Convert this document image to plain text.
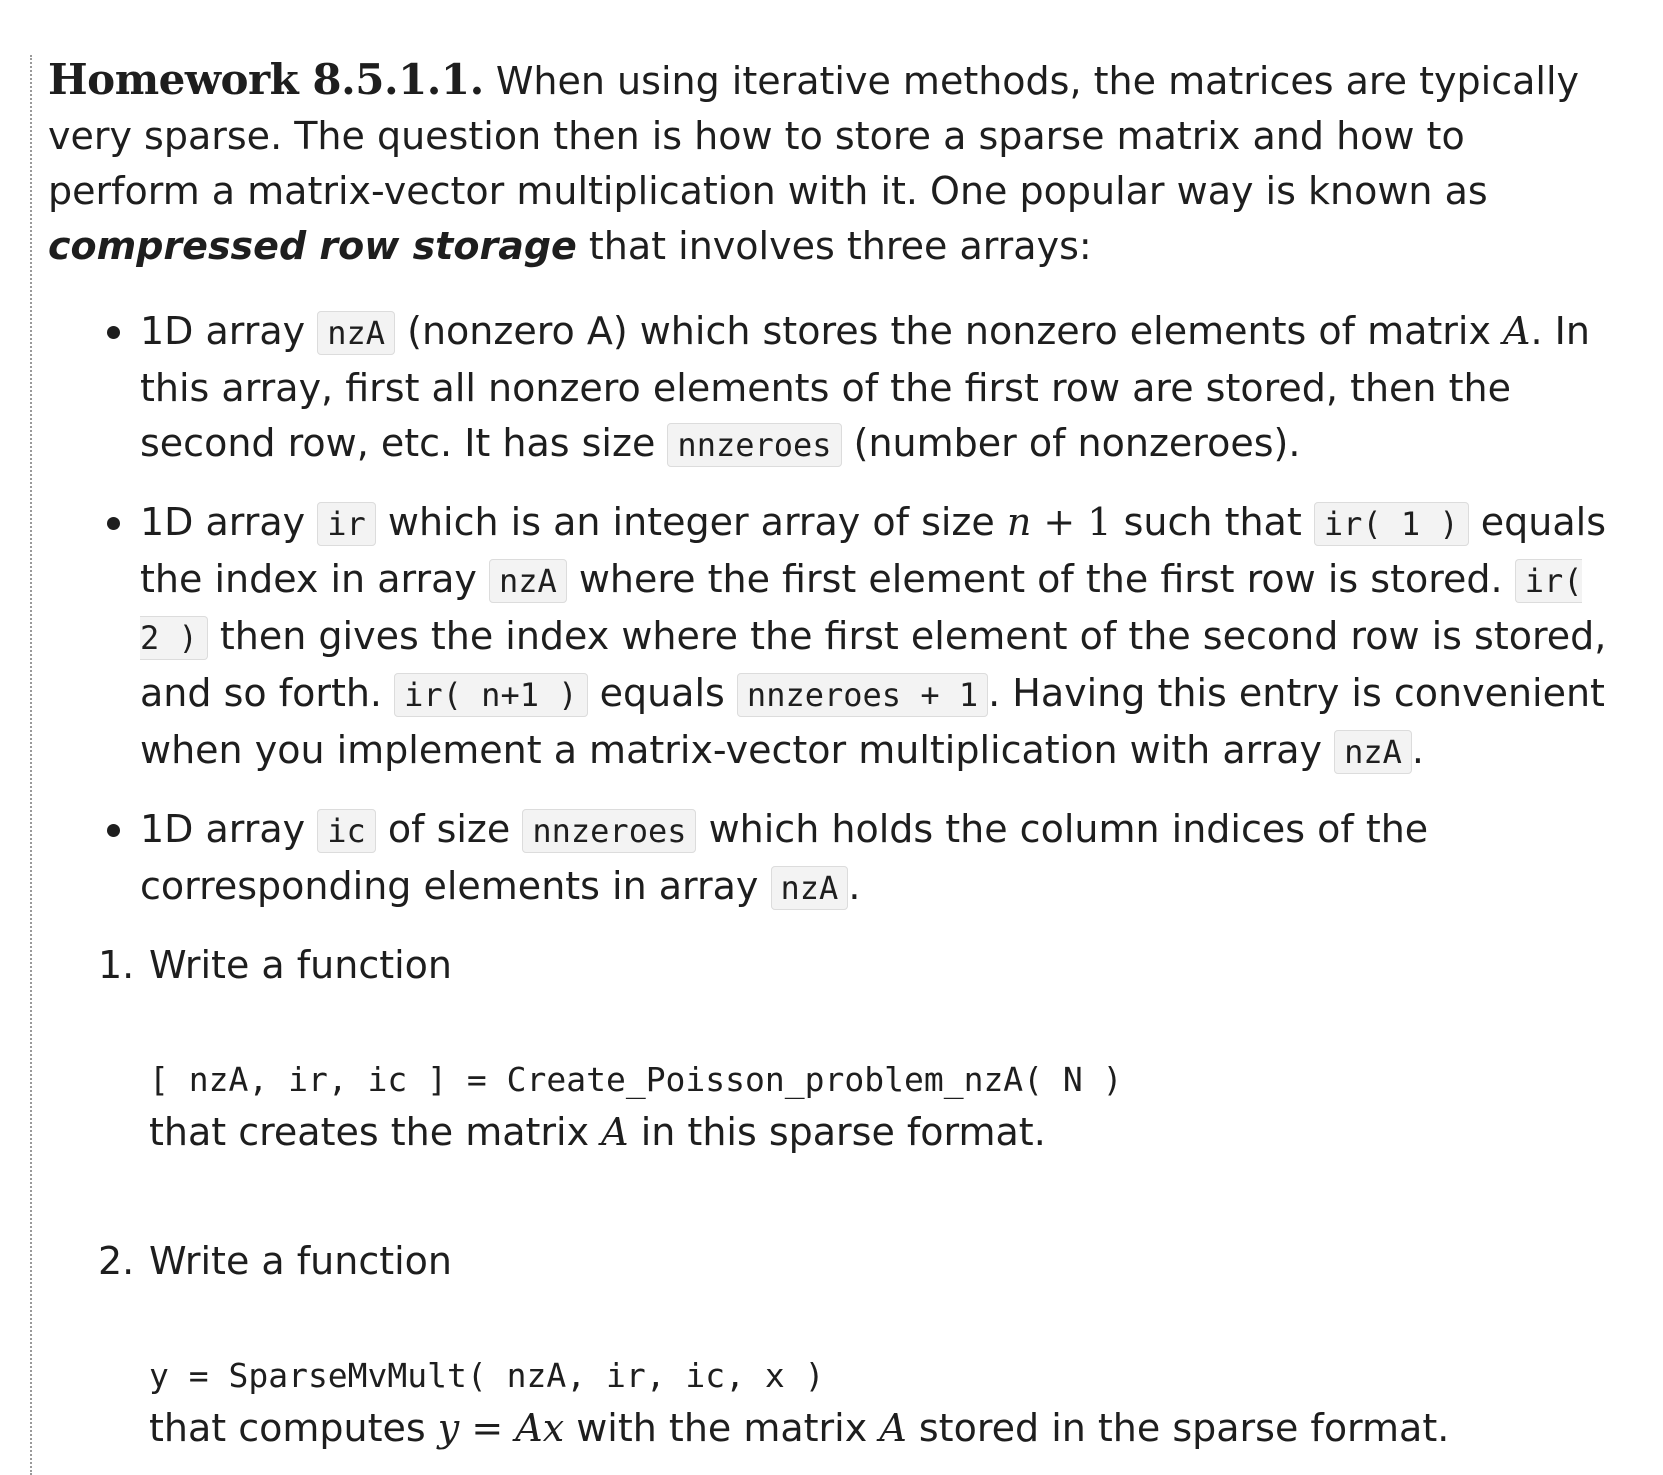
Homework 8.5.1.1. When using iterative methods, the matrices are typically very sparse. The question then is how to store a sparse matrix and how to perform a matrix-vector multiplication with it. One popular way is known as compressed row storage that involves three arrays:

1D array nzA (nonzero A) which stores the nonzero elements of matrix A. In this array, first all nonzero elements of the first row are stored, then the second row, etc. It has size nnzeroes (number of nonzeroes).
1D array ir which is an integer array of size n + 1 such that ir( 1 ) equals the index in array nzA where the first element of the first row is stored. ir( 2 ) then gives the index where the first element of the second row is stored, and so forth. ir( n+1 ) equals nnzeroes + 1 . Having this entry is convenient when you implement a matrix-vector multiplication with array nzA .
1D array ic of size nnzeroes which holds the column indices of the corresponding elements in array nzA .
1. Write a function
[ nzA, ir, ic ] = Create_Poisson_problem_nzA( N )
that creates the matrix A in this sparse format.
2. Write a function
y = SparseMvMult( nzA, ir, ic, x )
that computes y = Ax with the matrix A stored in the sparse format.
